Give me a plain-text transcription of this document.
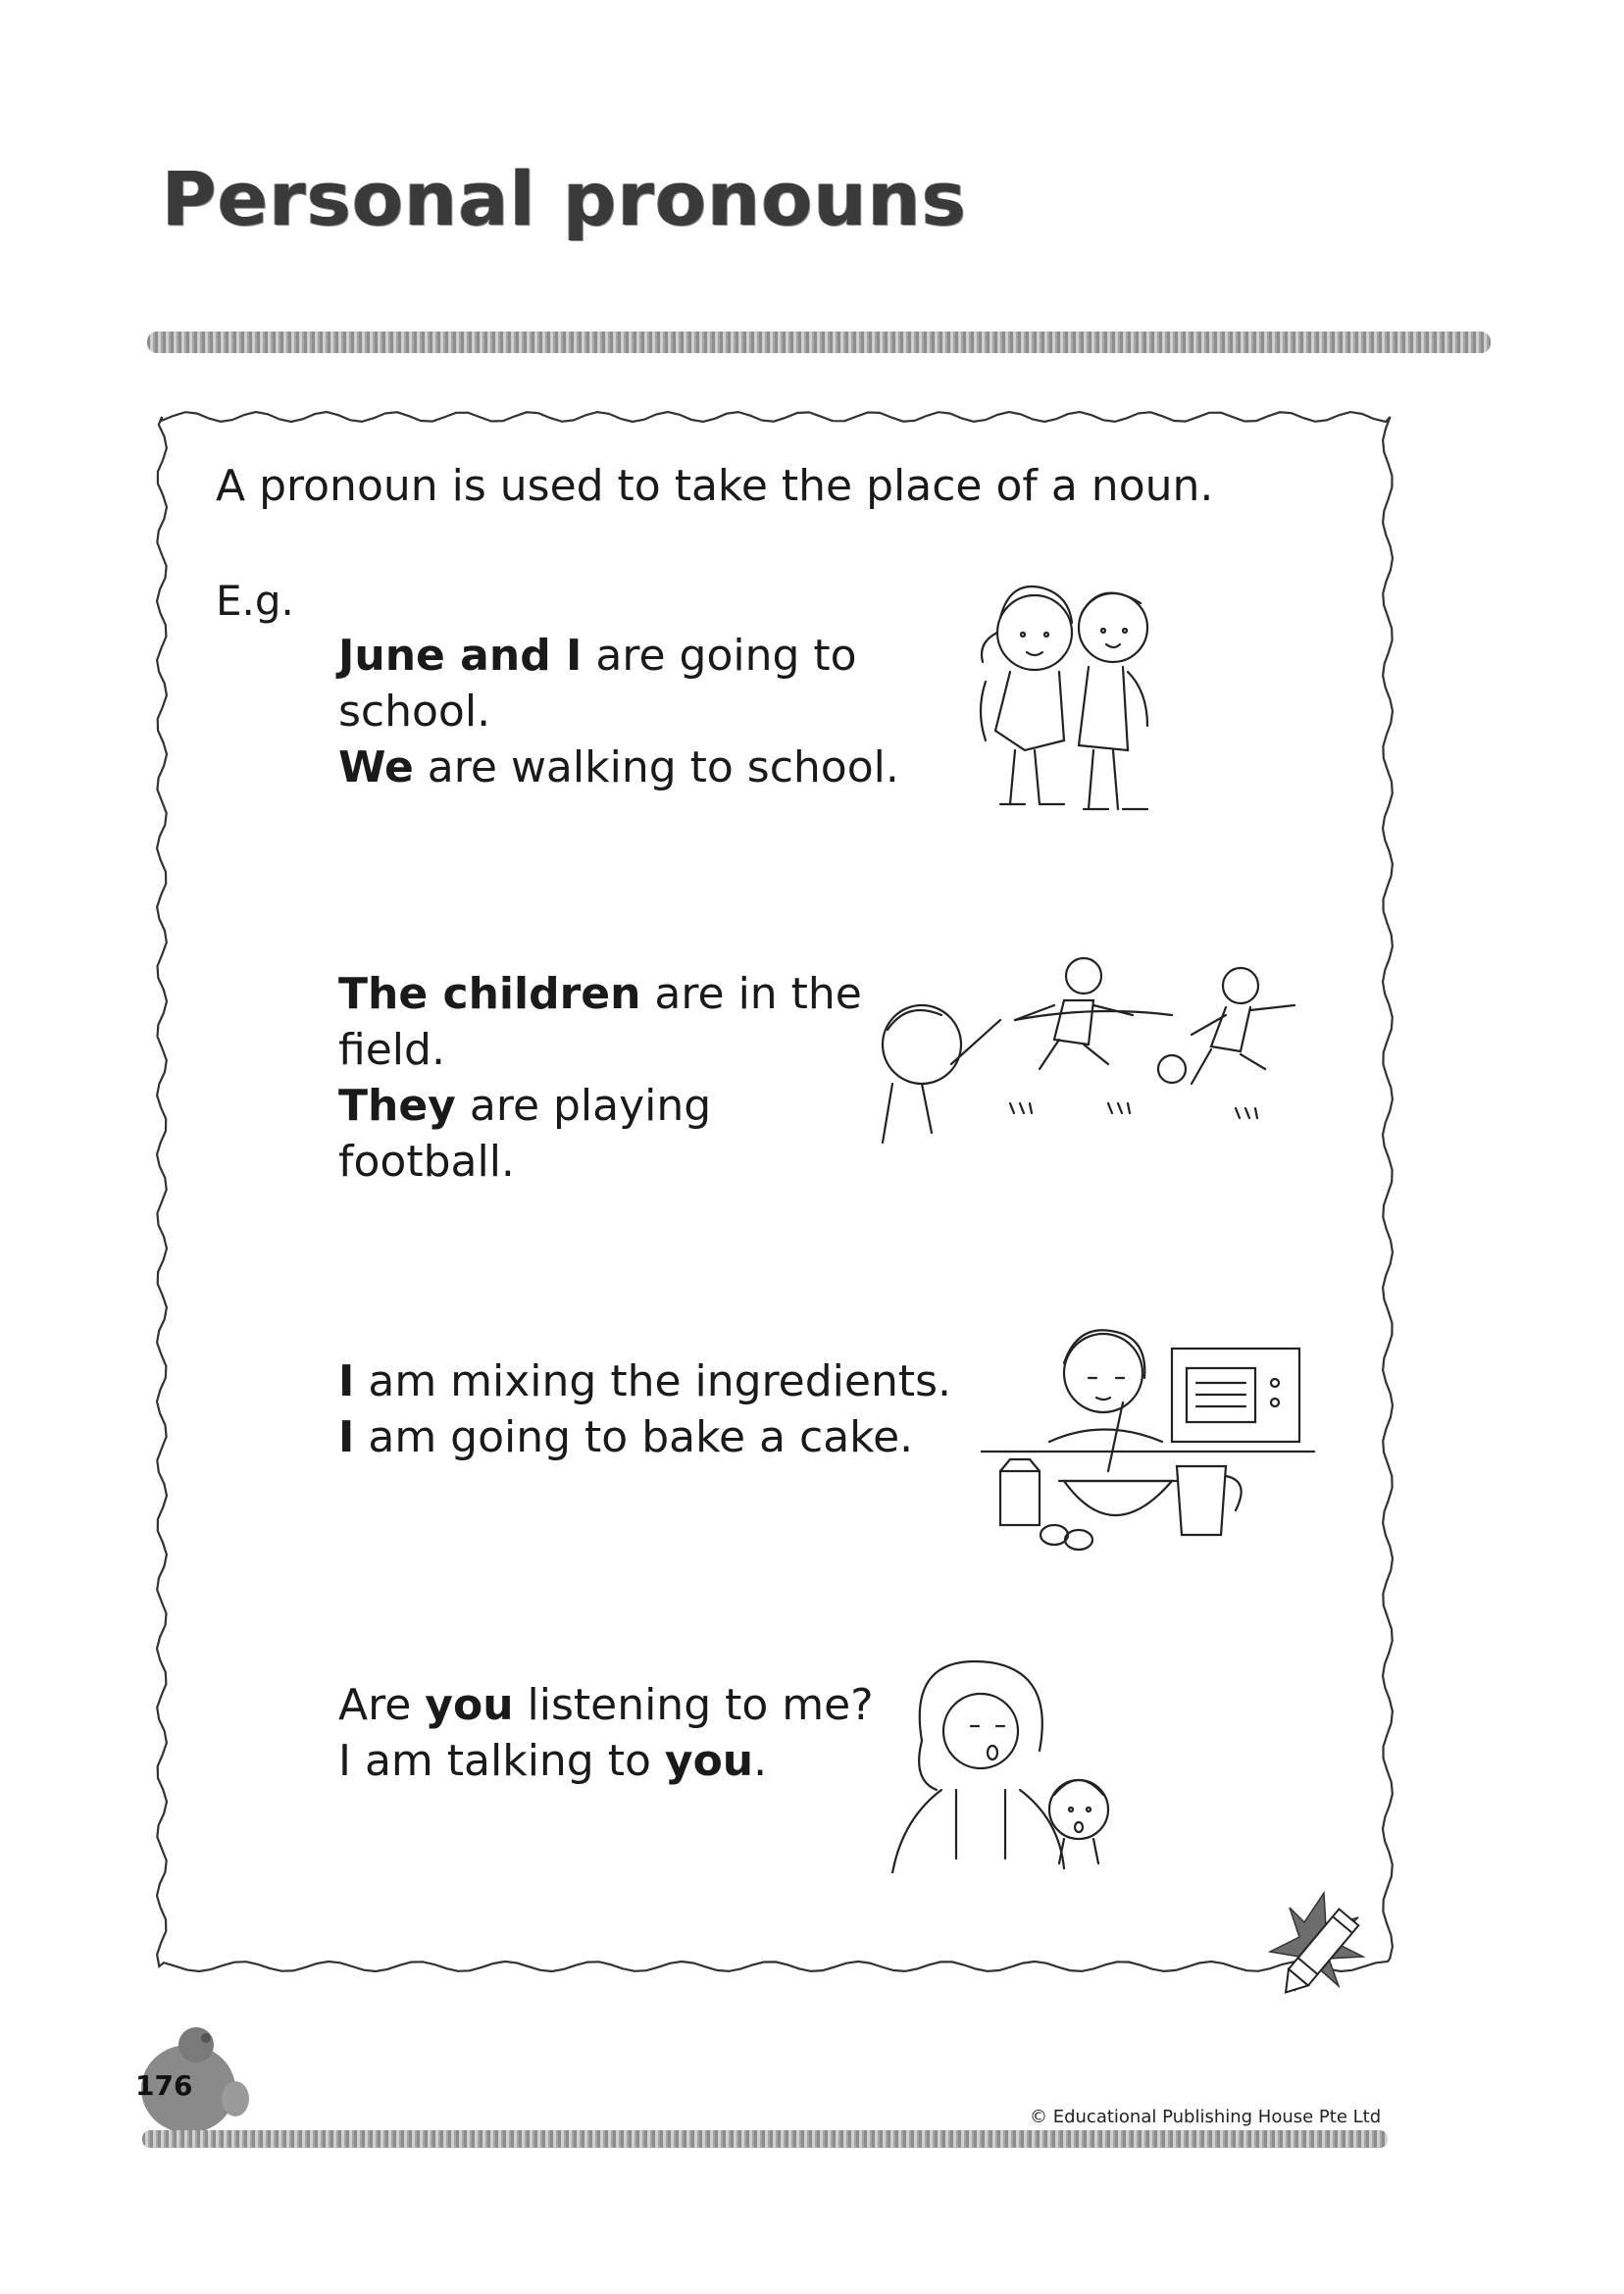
Personal pronouns
A pronoun is used to take the place of a noun.
E.g.
June and I are going to
school.
We are walking to school.
The children are in the
field.
They are playing
football.
I am mixing the ingredients.
I am going to bake a cake.
Are you listening to me?
I am talking to you.
176
© Educational Publishing House Pte Ltd
